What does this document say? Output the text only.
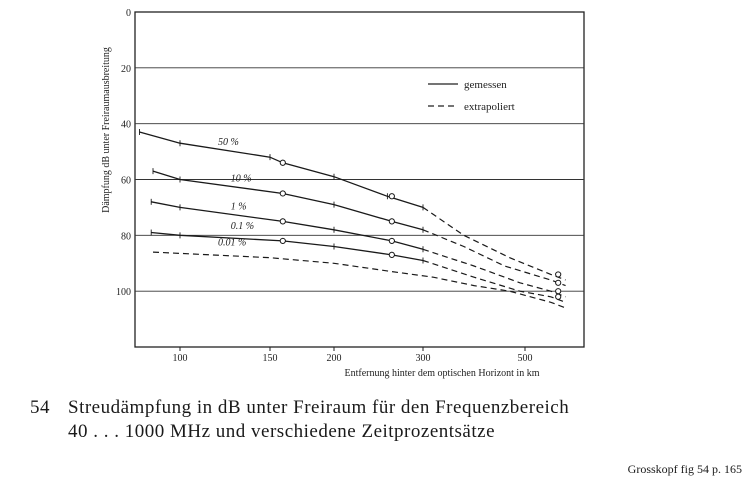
0
20
40
60
80
100
100	150	200	300	500
Entfernung hinter dem optischen Horizont in km
Dämpfung dB unter Freiraumausbreitung	gemessen
extrapoliert
50 %
10 %
1 %
0.1 %
0.01 %
54 Streudämpfung in dB unter Freiraum für den Frequenzbereich
40 . . . 1000 MHz und verschiedene Zeitprozentsätze
Grosskopf fig 54 p. 165
